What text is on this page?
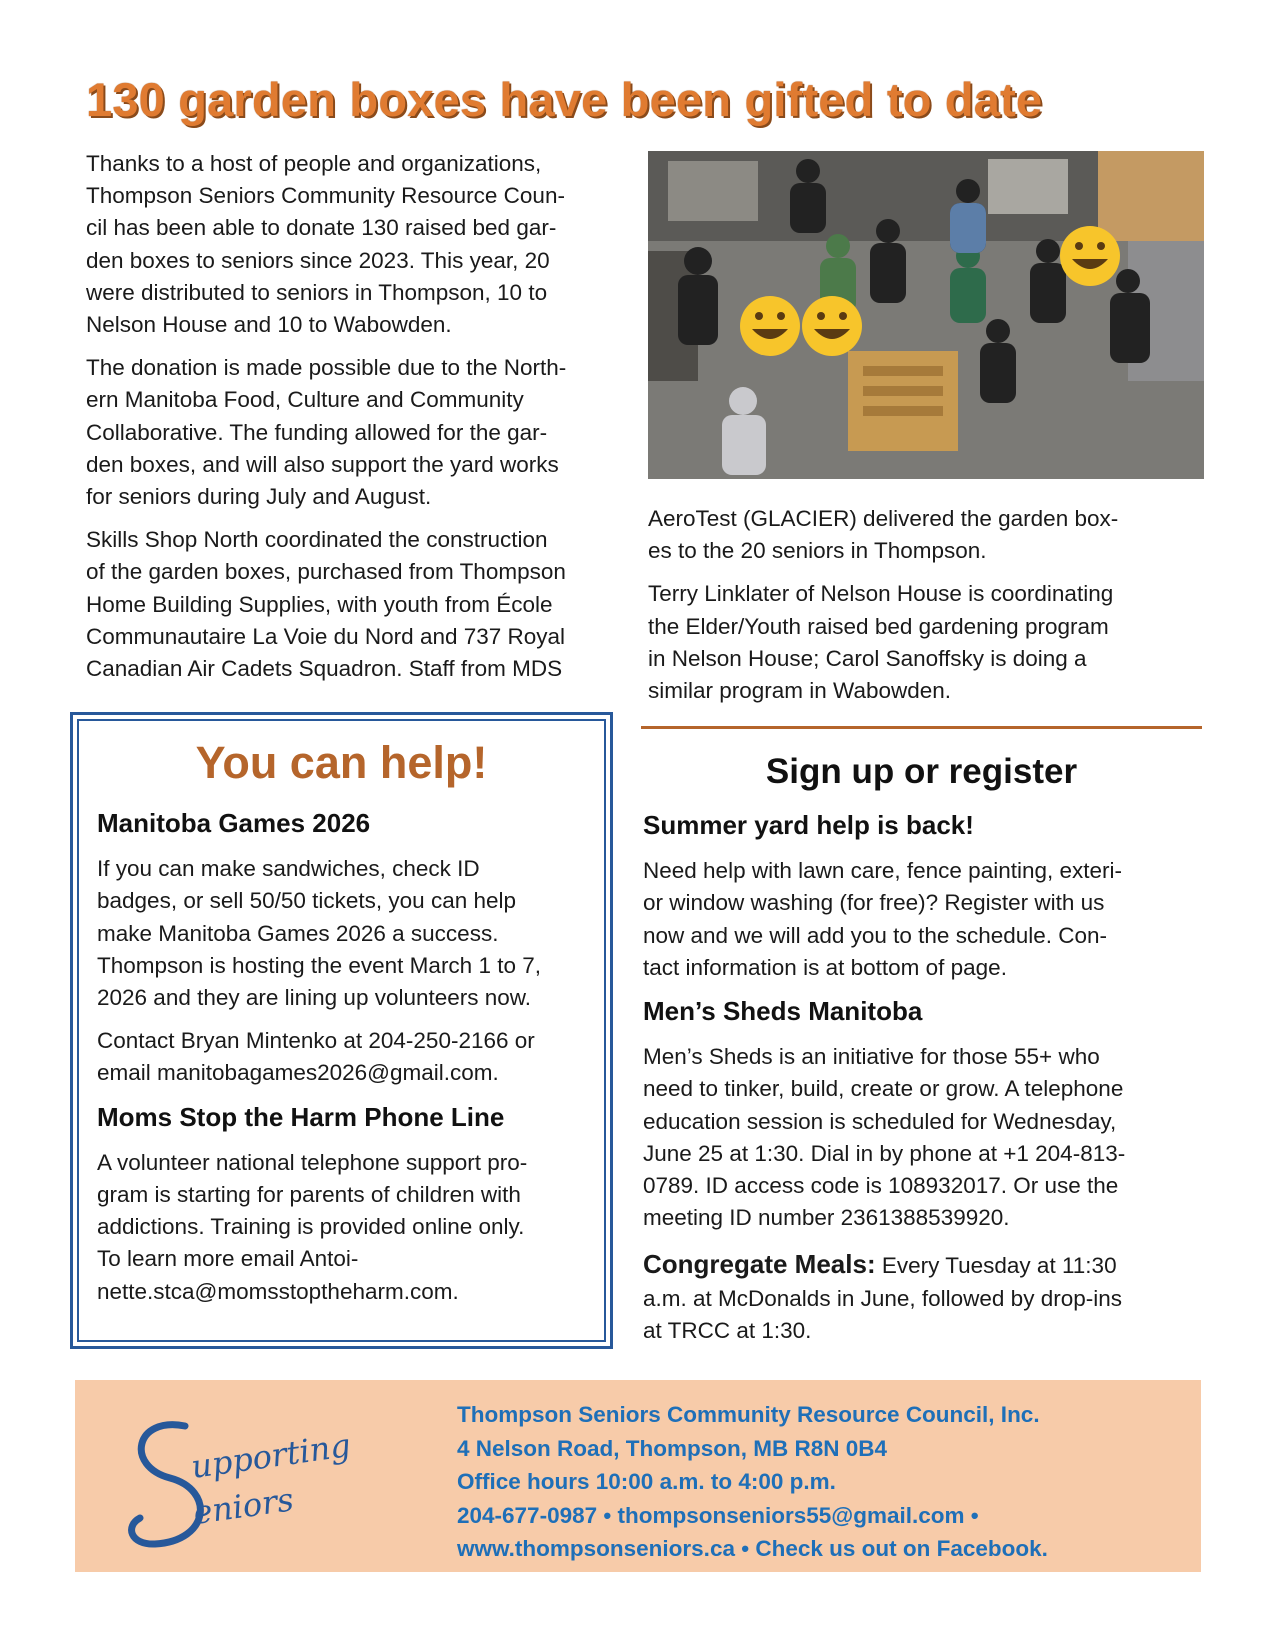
130 garden boxes have been gifted to date

Thanks to a host of people and organizations,
Thompson Seniors Community Resource Coun-
cil has been able to donate 130 raised bed gar-
den boxes to seniors since 2023. This year, 20
were distributed to seniors in Thompson, 10 to
Nelson House and 10 to Wabowden.

The donation is made possible due to the North-
ern Manitoba Food, Culture and Community
Collaborative. The funding allowed for the gar-
den boxes, and will also support the yard works
for seniors during July and August.

Skills Shop North coordinated the construction
of the garden boxes, purchased from Thompson
Home Building Supplies, with youth from École
Communautaire La Voie du Nord and 737 Royal
Canadian Air Cadets Squadron. Staff from MDS

AeroTest (GLACIER) delivered the garden box-
es to the 20 seniors in Thompson.

Terry Linklater of Nelson House is coordinating
the Elder/Youth raised bed gardening program
in Nelson House; Carol Sanoffsky is doing a
similar program in Wabowden.

You can help!
Manitoba Games 2026

If you can make sandwiches, check ID
badges, or sell 50/50 tickets, you can help
make Manitoba Games 2026 a success.
Thompson is hosting the event March 1 to 7,
2026 and they are lining up volunteers now.

Contact Bryan Mintenko at 204-250-2166 or
email manitobagames2026@gmail.com.

Moms Stop the Harm Phone Line

A volunteer national telephone support pro-
gram is starting for parents of children with
addictions. Training is provided online only.
To learn more email Antoi-
nette.stca@momsstoptheharm.com.

Sign up or register
Summer yard help is back!

Need help with lawn care, fence painting, exteri-
or window washing (for free)? Register with us
now and we will add you to the schedule. Con-
tact information is at bottom of page.

Men’s Sheds Manitoba

Men’s Sheds is an initiative for those 55+ who
need to tinker, build, create or grow. A telephone
education session is scheduled for Wednesday,
June 25 at 1:30. Dial in by phone at +1 204-813-
0789. ID access code is 108932017. Or use the
meeting ID number 2361388539920.

Congregate Meals: Every Tuesday at 11:30
a.m. at McDonalds in June, followed by drop-ins
at TRCC at 1:30.

upporting
eniors
Thompson Seniors Community Resource Council, Inc.
4 Nelson Road, Thompson, MB R8N 0B4
Office hours 10:00 a.m. to 4:00 p.m.
204-677-0987 • thompsonseniors55@gmail.com •
www.thompsonseniors.ca • Check us out on Facebook.
